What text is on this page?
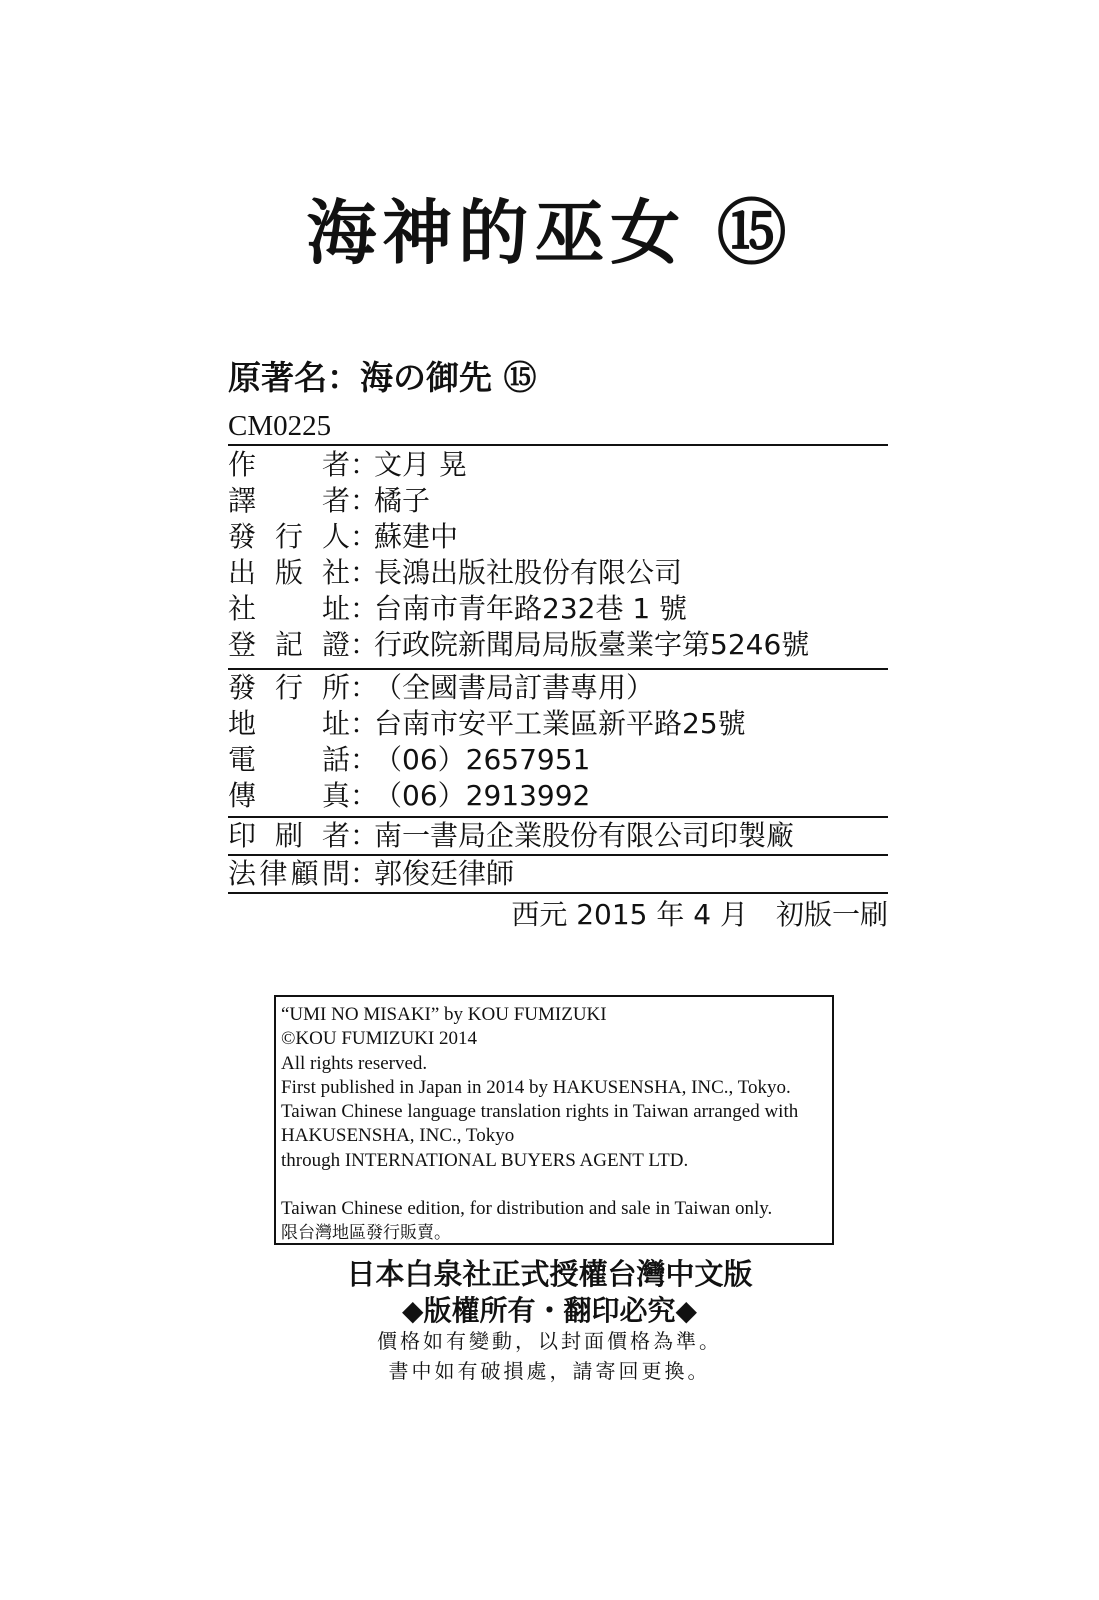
海神的巫女 ⑮
原著名：海の御先 ⑮
CM0225
作 者 ：
文月 晃
譯 者 ：
橘子
發 行 人 ：
蘇建中
出 版 社 ：
長鴻出版社股份有限公司
社 址 ：
台南市青年路232巷 1 號
登 記 證 ：
行政院新聞局局版臺業字第5246號
發 行 所 ：
（全國書局訂書專用）
地 址 ：
台南市安平工業區新平路25號
電 話 ：
（06）2657951
傳 真 ：
（06）2913992
印 刷 者 ：
南一書局企業股份有限公司印製廠
法 律 顧 問 ：
郭俊廷律師
西元 2015 年 4 月　初版一刷
“UMI NO MISAKI” by KOU FUMIZUKI
©KOU FUMIZUKI 2014
All rights reserved.
First published in Japan in 2014 by HAKUSENSHA, INC., Tokyo.
Taiwan Chinese language translation rights in Taiwan arranged with
HAKUSENSHA, INC., Tokyo
through INTERNATIONAL BUYERS AGENT LTD.
Taiwan Chinese edition, for distribution and sale in Taiwan only.
限台灣地區發行販賣。
日本白泉社正式授權台灣中文版
◆版權所有・翻印必究◆
價格如有變動，以封面價格為準。
書中如有破損處，請寄回更換。
